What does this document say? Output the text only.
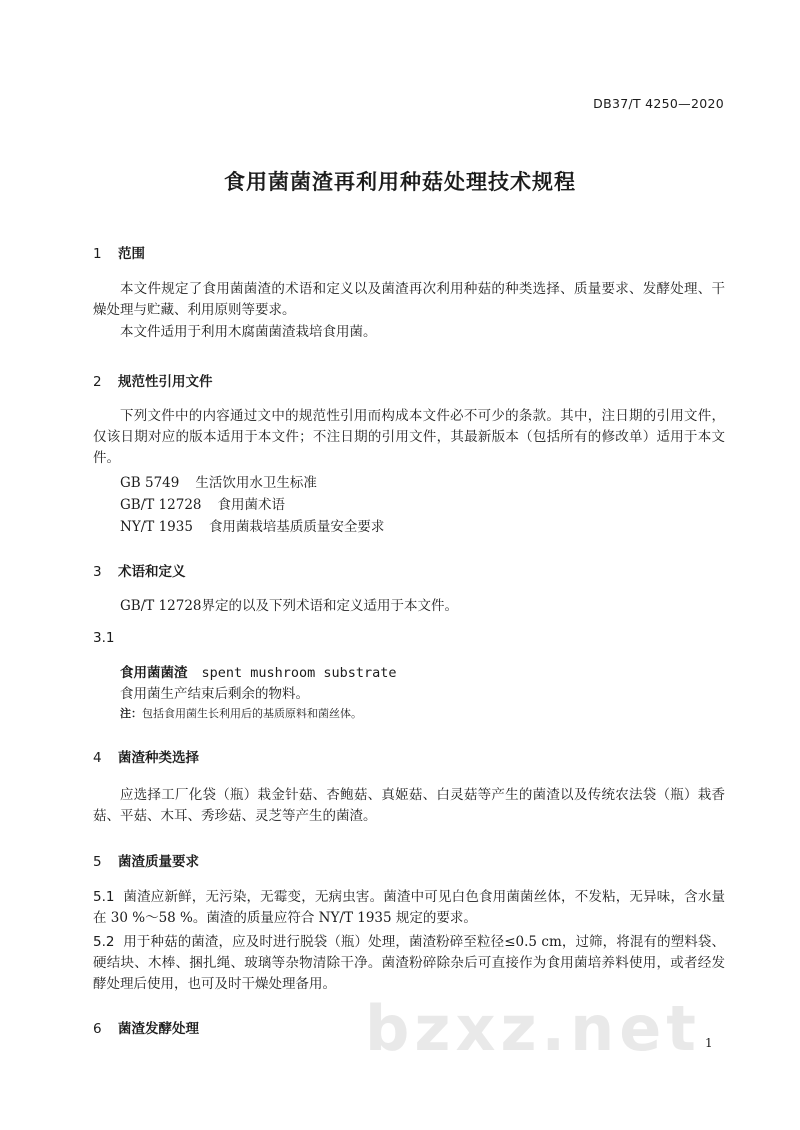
DB37/T 4250—2020
食用菌菌渣再利用种菇处理技术规程
1 范围
本文件规定了食用菌菌渣的术语和定义以及菌渣再次利用种菇的种类选择、质量要求、发酵处理、干燥处理与贮藏、利用原则等要求。
本文件适用于利用木腐菌菌渣栽培食用菌。
2 规范性引用文件
下列文件中的内容通过文中的规范性引用而构成本文件必不可少的条款。其中，注日期的引用文件，仅该日期对应的版本适用于本文件；不注日期的引用文件，其最新版本（包括所有的修改单）适用于本文件。
GB 5749 生活饮用水卫生标准
GB/T 12728 食用菌术语
NY/T 1935 食用菌栽培基质质量安全要求
3 术语和定义
GB/T 12728界定的以及下列术语和定义适用于本文件。
3.1
食用菌菌渣 spent mushroom substrate
食用菌生产结束后剩余的物料。
注：包括食用菌生长利用后的基质原料和菌丝体。
4 菌渣种类选择
应选择工厂化袋（瓶）栽金针菇、杏鲍菇、真姬菇、白灵菇等产生的菌渣以及传统农法袋（瓶）栽香菇、平菇、木耳、秀珍菇、灵芝等产生的菌渣。
5 菌渣质量要求
5.1 菌渣应新鲜，无污染，无霉变，无病虫害。菌渣中可见白色食用菌菌丝体，不发粘，无异味，含水量在 30 %～58 %。菌渣的质量应符合 NY/T 1935 规定的要求。
5.2 用于种菇的菌渣，应及时进行脱袋（瓶）处理，菌渣粉碎至粒径≤0.5 cm，过筛，将混有的塑料袋、硬结块、木棒、捆扎绳、玻璃等杂物清除干净。菌渣粉碎除杂后可直接作为食用菌培养料使用，或者经发酵处理后使用，也可及时干燥处理备用。
6 菌渣发酵处理	bzxz.net 1
